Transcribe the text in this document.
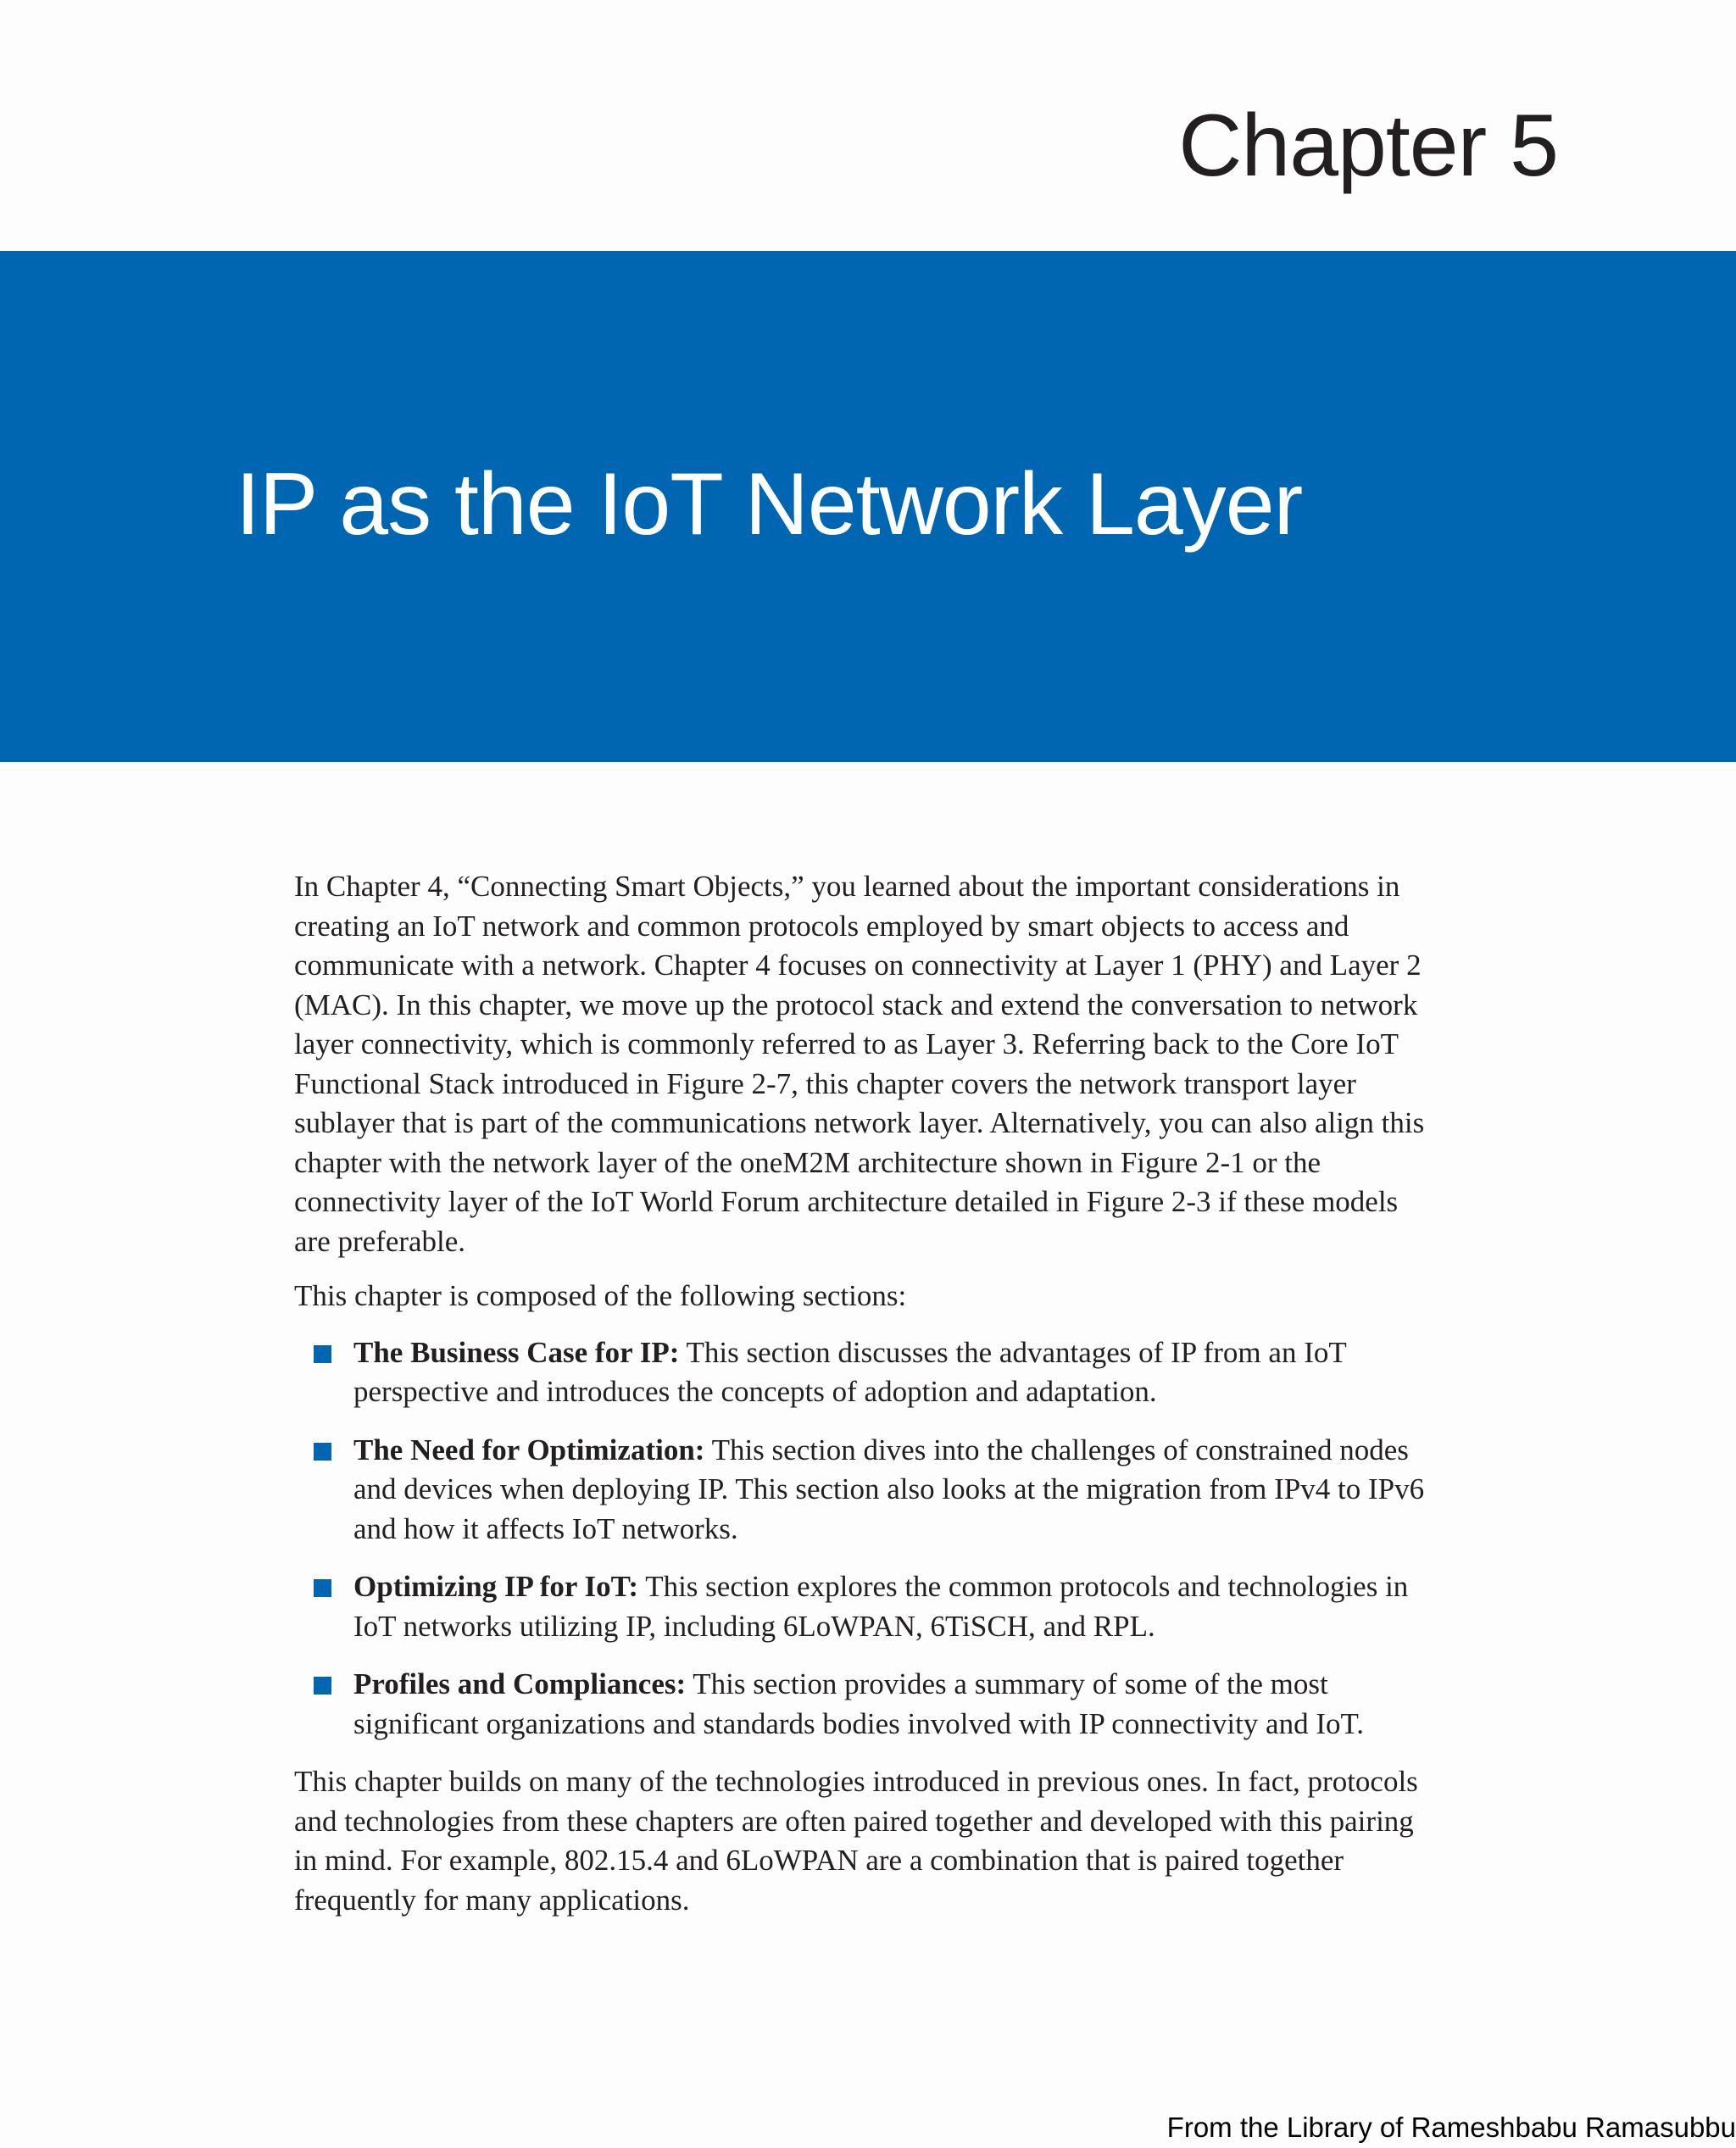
Chapter 5
IP as the IoT Network Layer

In Chapter 4, “Connecting Smart Objects,” you learned about the important considerations in creating an IoT network and common protocols employed by smart objects to access and communicate with a network. Chapter 4 focuses on connectivity at Layer 1 (PHY) and Layer 2 (MAC). In this chapter, we move up the protocol stack and extend the conversation to network layer connectivity, which is commonly referred to as Layer 3. Referring back to the Core IoT Functional Stack introduced in Figure 2-7, this chapter covers the network transport layer sublayer that is part of the communications network layer. Alternatively, you can also align this chapter with the network layer of the oneM2M architecture shown in Figure 2-1 or the connectivity layer of the IoT World Forum architecture detailed in Figure 2-3 if these models are preferable.

This chapter is composed of the following sections:

The Business Case for IP: This section discusses the advantages of IP from an IoT perspective and introduces the concepts of adoption and adaptation.
The Need for Optimization: This section dives into the challenges of constrained nodes and devices when deploying IP. This section also looks at the migration from IPv4 to IPv6 and how it affects IoT networks.
Optimizing IP for IoT: This section explores the common protocols and technologies in IoT networks utilizing IP, including 6LoWPAN, 6TiSCH, and RPL.
Profiles and Compliances: This section provides a summary of some of the most significant organizations and standards bodies involved with IP connectivity and IoT.

This chapter builds on many of the technologies introduced in previous ones. In fact, protocols and technologies from these chapters are often paired together and developed with this pairing in mind. For example, 802.15.4 and 6LoWPAN are a combination that is paired together frequently for many applications.

From the Library of Rameshbabu Ramasubbu
